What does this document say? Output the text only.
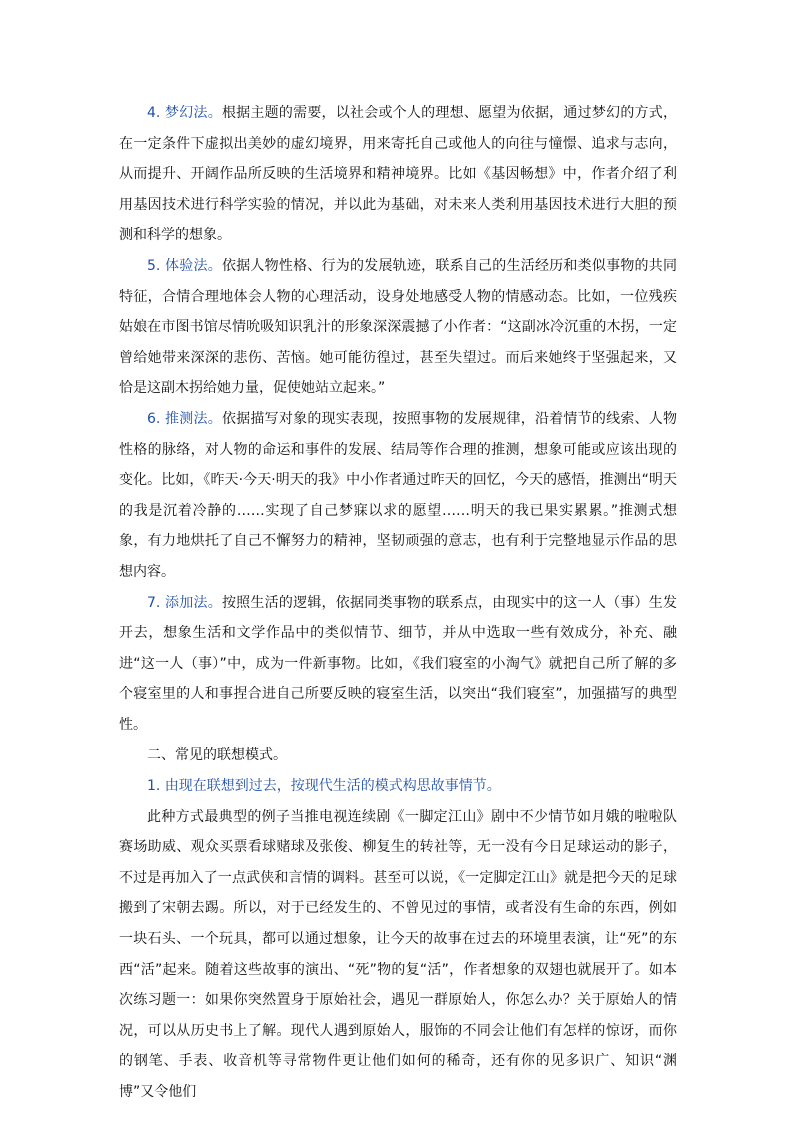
4. 梦幻法。根据主题的需要，以社会或个人的理想、愿望为依据，通过梦幻的方式，在一定条件下虚拟出美妙的虚幻境界，用来寄托自己或他人的向往与憧憬、追求与志向，从而提升、开阔作品所反映的生活境界和精神境界。比如《基因畅想》中，作者介绍了利用基因技术进行科学实验的情况，并以此为基础，对未来人类利用基因技术进行大胆的预测和科学的想象。

5. 体验法。依据人物性格、行为的发展轨迹，联系自己的生活经历和类似事物的共同特征，合情合理地体会人物的心理活动，设身处地感受人物的情感动态。比如，一位残疾姑娘在市图书馆尽情吮吸知识乳汁的形象深深震撼了小作者：“这副冰冷沉重的木拐，一定曾给她带来深深的悲伤、苦恼。她可能彷徨过，甚至失望过。而后来她终于坚强起来，又恰是这副木拐给她力量，促使她站立起来。”

6. 推测法。依据描写对象的现实表现，按照事物的发展规律，沿着情节的线索、人物性格的脉络，对人物的命运和事件的发展、结局等作合理的推测，想象可能或应该出现的变化。比如，《昨天·今天·明天的我》中小作者通过昨天的回忆，今天的感悟，推测出“明天的我是沉着冷静的……实现了自己梦寐以求的愿望……明天的我已果实累累。”推测式想象，有力地烘托了自己不懈努力的精神，坚韧顽强的意志，也有利于完整地显示作品的思想内容。

7. 添加法。按照生活的逻辑，依据同类事物的联系点，由现实中的这一人（事）生发开去，想象生活和文学作品中的类似情节、细节，并从中选取一些有效成分，补充、融进“这一人（事）”中，成为一件新事物。比如，《我们寝室的小淘气》就把自己所了解的多个寝室里的人和事捏合进自己所要反映的寝室生活，以突出“我们寝室”，加强描写的典型性。

二、常见的联想模式。

1. 由现在联想到过去，按现代生活的模式构思故事情节。

此种方式最典型的例子当推电视连续剧《一脚定江山》剧中不少情节如月娥的啦啦队赛场助威、观众买票看球赌球及张俊、柳复生的转社等，无一没有今日足球运动的影子，不过是再加入了一点武侠和言情的调料。甚至可以说，《一定脚定江山》就是把今天的足球搬到了宋朝去踢。所以，对于已经发生的、不曾见过的事情，或者没有生命的东西，例如一块石头、一个玩具，都可以通过想象，让今天的故事在过去的环境里表演，让“死”的东西“活”起来。随着这些故事的演出、“死”物的复“活”，作者想象的双翅也就展开了。如本次练习题一：如果你突然置身于原始社会，遇见一群原始人，你怎么办？关于原始人的情况，可以从历史书上了解。现代人遇到原始人，服饰的不同会让他们有怎样的惊讶，而你的钢笔、手表、收音机等寻常物件更让他们如何的稀奇，还有你的见多识广、知识“渊博”又令他们
